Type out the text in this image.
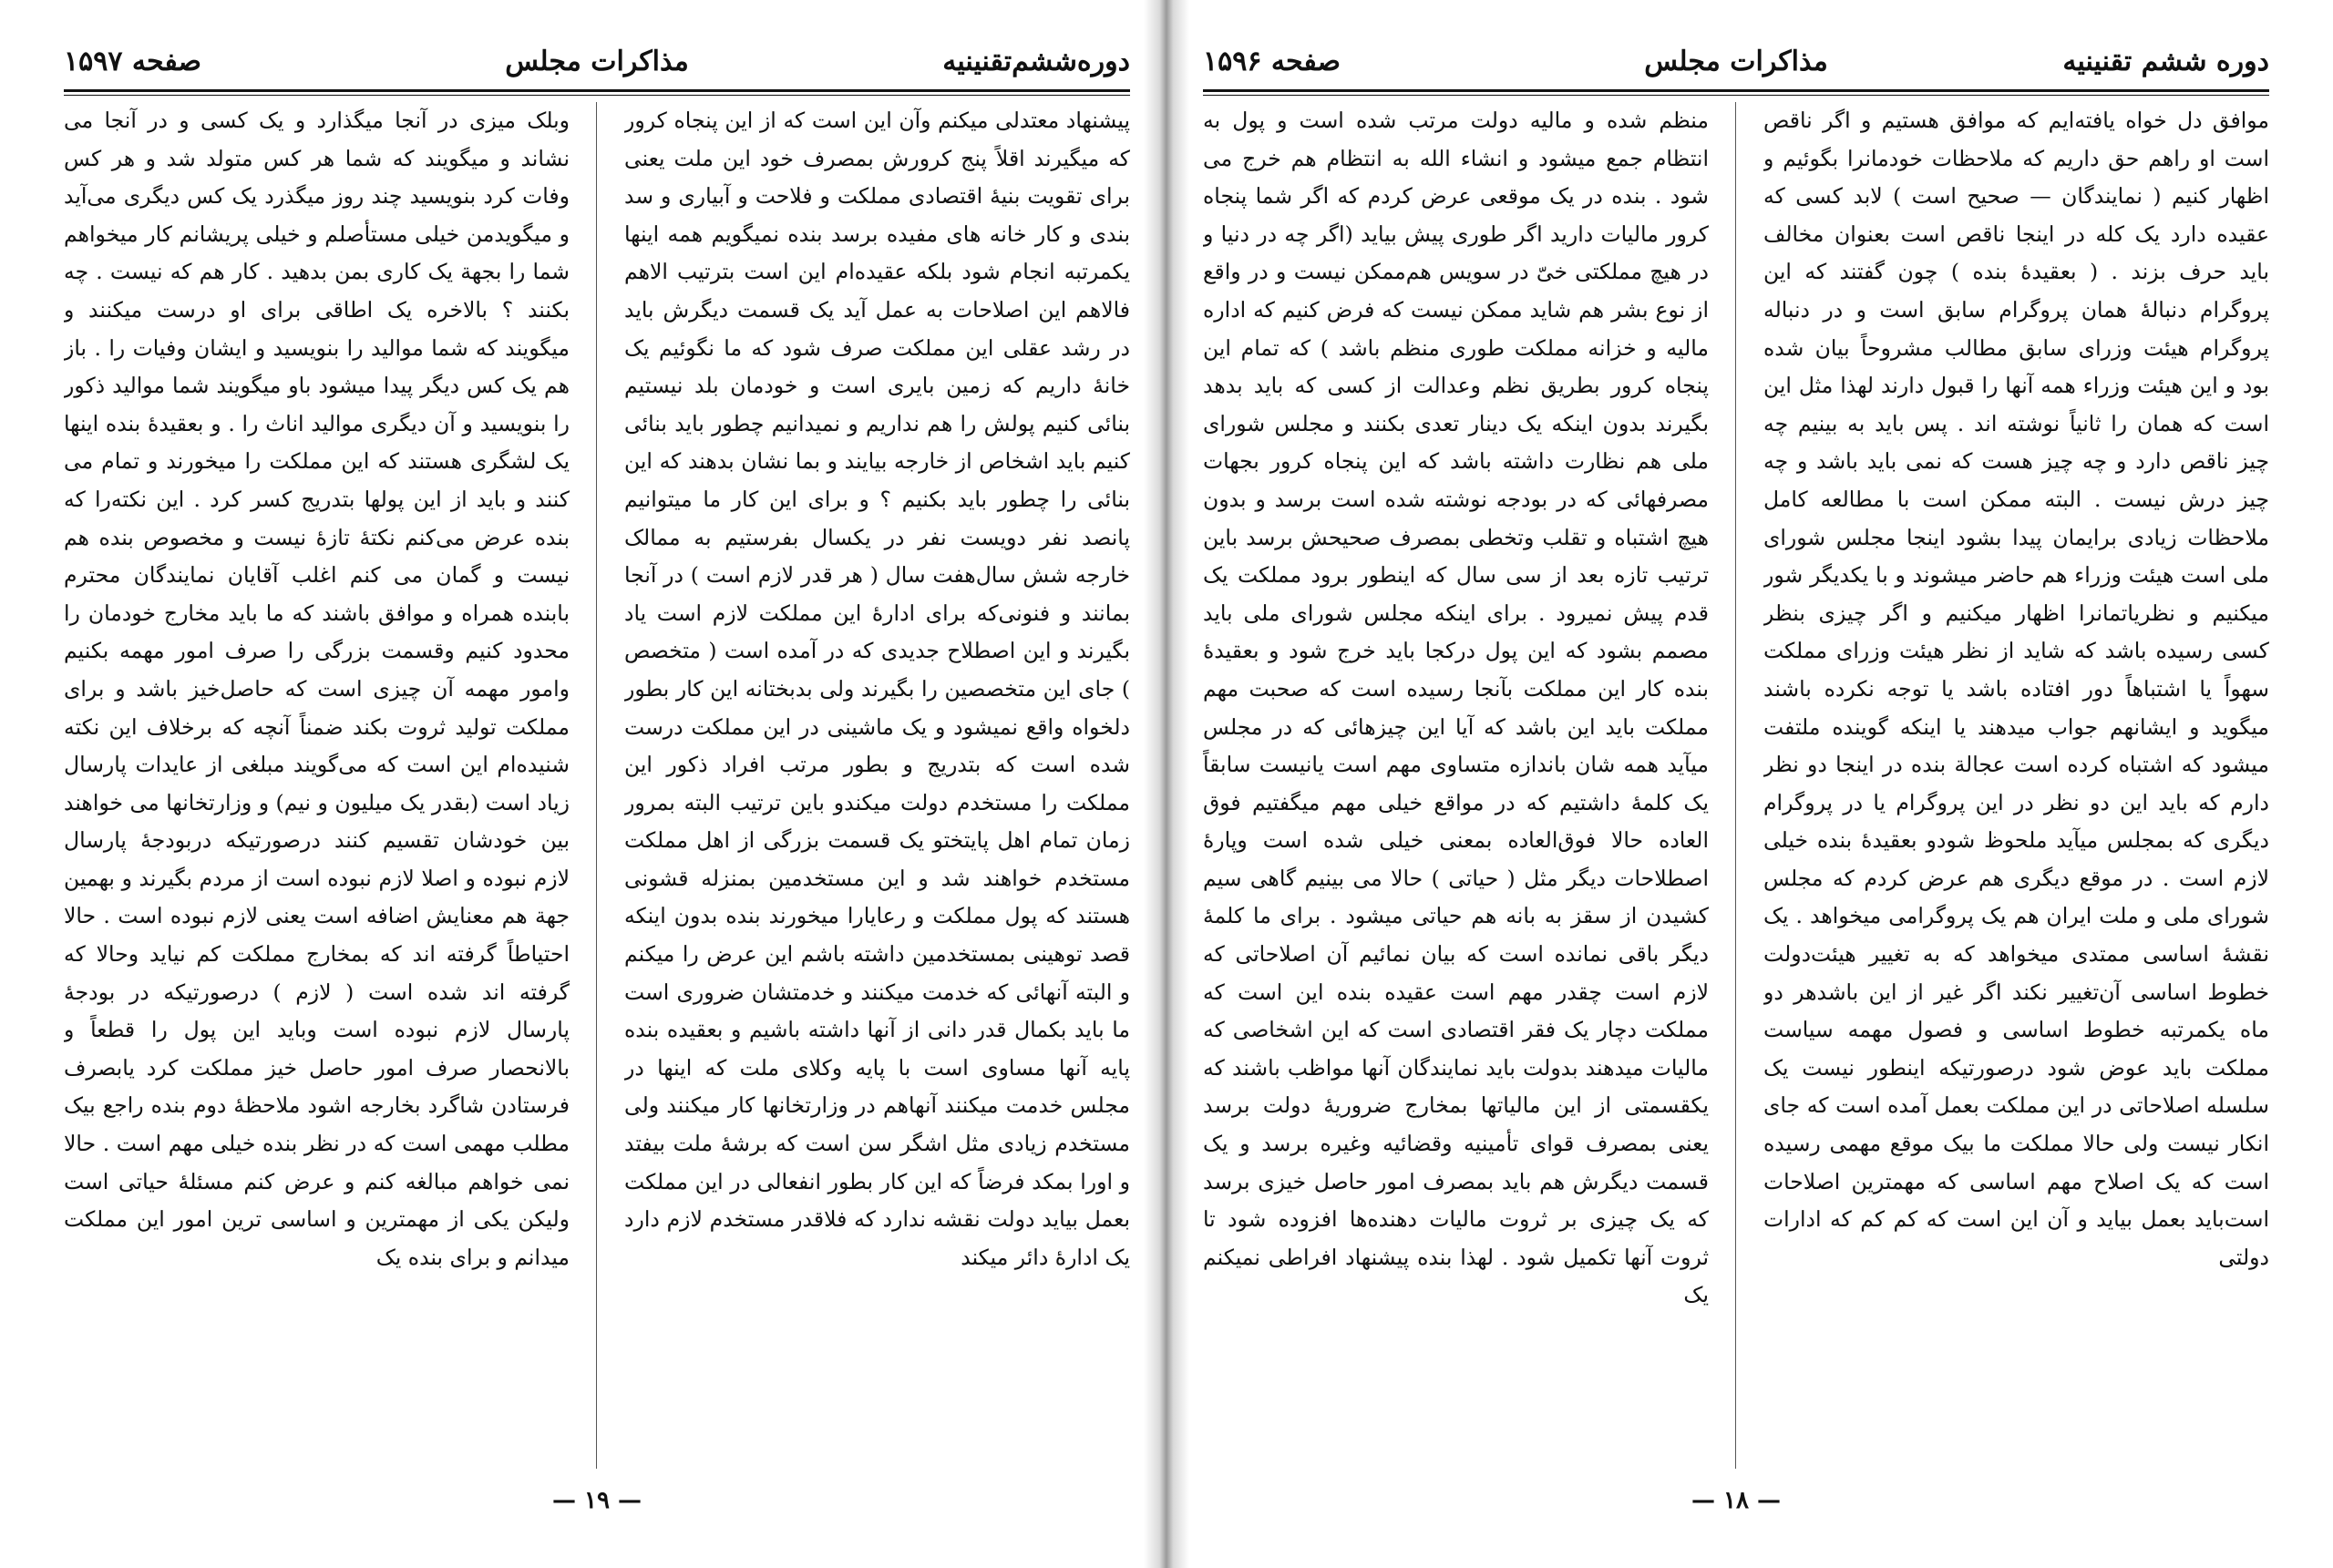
دوره‌ششم‌تقنینیه
مذاکرات مجلس
صفحه ۱۵۹۷

پیشنهاد معتدلی میکنم وآن این است که از این پنجاه کرور که میگیرند اقلاً پنج کرورش بمصرف خود این ملت یعنی برای تقویت بنیهٔ اقتصادی مملکت و فلاحت و آبیاری و سد بندی و کار خانه های مفیده برسد بنده نمیگویم همه اینها یکمرتبه انجام شود بلکه عقیده‌ام این است بترتیب الاهم فالاهم این اصلاحات به عمل آید یک قسمت دیگرش باید در رشد عقلی این مملکت صرف شود که ما نگوئیم یک خانهٔ داریم که زمین بایری است و خودمان بلد نیستیم بنائی کنیم پولش را هم نداریم و نمیدانیم چطور باید بنائی کنیم باید اشخاص از خارجه بیایند و بما نشان بدهند که این بنائی را چطور باید بکنیم ؟ و برای این کار ما میتوانیم پانصد نفر دویست نفر در یکسال بفرستیم به ممالک خارجه شش سال‌هفت سال ( هر قدر لازم است ) در آنجا بمانند و فنونی‌که برای ادارهٔ این مملکت لازم است یاد بگیرند و این اصطلاح جدیدی که در آمده است ( متخصص ) جای این متخصصین را بگیرند ولی بدبختانه این کار بطور دلخواه واقع نمیشود و یک ماشینی در این مملکت درست شده است که بتدریج و بطور مرتب افراد ذکور این مملکت را مستخدم دولت میکندو باین ترتیب البته بمرور زمان تمام اهل پایتختو یک قسمت بزرگی از اهل مملکت مستخدم خواهند شد و این مستخدمین بمنزله قشونی هستند که پول مملکت و رعایارا میخورند بنده بدون اینکه قصد توهینی بمستخدمین داشته باشم این عرض را میکنم و البته آنهائی که خدمت میکنند و خدمتشان ضروری است ما باید بکمال قدر دانی از آنها داشته باشیم و بعقیده بنده پایه آنها مساوی است با پایه وکلای ملت که اینها در مجلس خدمت میکنند آنهاهم در وزارتخانها کار میکنند ولی مستخدم زیادی مثل اشگر سن است که برشهٔ ملت بیفتد و اورا بمکد فرضاً که این کار بطور انفعالی در این مملکت بعمل بیاید دولت نقشه ندارد که فلاقدر مستخدم لازم دارد یک ادارهٔ دائر میکند

وبلک میزی در آنجا میگذارد و یک کسی و در آنجا می نشاند و میگویند که شما هر کس متولد شد و هر کس وفات کرد بنویسید چند روز میگذرد یک کس دیگری می‌آید و میگویدمن خیلی مستأصلم و خیلی پریشانم کار میخواهم شما را بجهة یک کاری بمن بدهید . کار هم که نیست . چه بکنند ؟ بالاخره یک اطاقی برای او درست میکنند و میگویند که شما موالید را بنویسید و ایشان وفیات را . باز هم یک کس دیگر پیدا میشود باو میگویند شما موالید ذکور را بنویسید و آن دیگری موالید اناث را . و بعقیدهٔ بنده اینها یک لشگری هستند که این مملکت را میخورند و تمام می کنند و باید از این پولها بتدریج کسر کرد . این نکته‌را که بنده عرض می‌کنم نکتهٔ تازهٔ نیست و مخصوص بنده هم نیست و گمان می کنم اغلب آقایان نمایندگان محترم بابنده همراه و موافق باشند که ما باید مخارج خودمان را محدود کنیم وقسمت بزرگی را صرف امور مهمه بکنیم وامور مهمه آن چیزی است که حاصل‌خیز باشد و برای مملکت تولید ثروت بکند ضمناً آنچه که برخلاف این نکته شنیده‌ام این است که می‌گویند مبلغی از عایدات پارسال زیاد است (بقدر یک میلیون و نیم) و وزارتخانها می خواهند بین خودشان تقسیم کنند درصورتیکه دربودجهٔ پارسال لازم نبوده و اصلا لازم نبوده است از مردم بگیرند و بهمین جهة هم معنایش اضافه است یعنی لازم نبوده است . حالا احتیاطاً گرفته اند که بمخارج مملکت کم نیاید وحالا که گرفته اند شده است ( لازم ) درصورتیکه در بودجهٔ پارسال لازم نبوده است وباید این پول را قطعاً و بالانحصار صرف امور حاصل خیز مملکت کرد یابصرف فرستادن شاگرد بخارجه اشود ملاحظهٔ دوم بنده راجع بیک مطلب مهمی است که در نظر بنده خیلی مهم است . حالا نمی خواهم مبالغه کنم و عرض کنم مسئلهٔ حیاتی است ولیکن یکی از مهمترین و اساسی ترین امور این مملکت میدانم و برای بنده یک

— ۱۹ —
دوره ششم تقنینیه
مذاکرات مجلس
صفحه ۱۵۹۶

موافق دل خواه یافته‌ایم که موافق هستیم و اگر ناقص است او راهم حق داریم که ملاحظات خودمانرا بگوئیم و اظهار کنیم ( نمایندگان — صحیح است ) لابد کسی که عقیده دارد یک کله در اینجا ناقص است بعنوان مخالف باید حرف بزند . ( بعقیدهٔ بنده ) چون گفتند که این پروگرام دنبالهٔ همان پروگرام سابق است و در دنباله پروگرام هیئت وزرای سابق مطالب مشروحاً بیان شده بود و این هیئت وزراء همه آنها را قبول دارند لهذا مثل این است که همان را ثانیاً نوشته اند . پس باید به بینیم چه چیز ناقص دارد و چه چیز هست که نمی باید باشد و چه چیز درش نیست . البته ممکن است با مطالعه کامل ملاحظات زیادی برایمان پیدا بشود اینجا مجلس شورای ملی است هیئت وزراء هم حاضر میشوند و با یکدیگر شور میکنیم و نظریاتمانرا اظهار میکنیم و اگر چیزی بنظر کسی رسیده باشد که شاید از نظر هیئت وزرای مملکت سهواً یا اشتباهاً دور افتاده باشد یا توجه نکرده باشند میگوید و ایشانهم جواب میدهند یا اینکه گوینده ملتفت میشود که اشتباه کرده است عجالة بنده در اینجا دو نظر دارم که باید این دو نظر در این پروگرام یا در پروگرام دیگری که بمجلس میآید ملحوظ شودو بعقیدهٔ بنده خیلی لازم است . در موقع دیگری هم عرض کردم که مجلس شورای ملی و ملت ایران هم یک پروگرامی میخواهد . یک نقشهٔ اساسی ممتدی میخواهد که به تغییر هیئت‌دولت خطوط اساسی آن‌تغییر نکند اگر غیر از این باشدهر دو ماه یکمرتبه خطوط اساسی و فصول مهمه سیاست مملکت باید عوض شود درصورتیکه اینطور نیست یک سلسله اصلاحاتی در این مملکت بعمل آمده است که جای انکار نیست ولی حالا مملکت ما بیک موقع مهمی رسیده است که یک اصلاح مهم اساسی که مهمترین اصلاحات است‌باید بعمل بیاید و آن این است که کم کم که ادارات دولتی

منظم شده و مالیه دولت مرتب شده است و پول به انتظام جمع میشود و انشاء الله به انتظام هم خرج می شود . بنده در یک موقعی عرض کردم که اگر شما پنجاه کرور مالیات دارید اگر طوری پیش بیاید (اگر چه در دنیا و در هیچ مملکتی خیّ در سویس هم‌ممکن نیست و در واقع از نوع بشر هم شاید ممکن نیست که فرض کنیم که اداره مالیه و خزانه مملکت طوری منظم باشد ) که تمام این پنجاه کرور بطریق نظم وعدالت از کسی که باید بدهد بگیرند بدون اینکه یک دینار تعدی بکنند و مجلس شورای ملی هم نظارت داشته باشد که این پنجاه کرور بجهات مصرفهائی که در بودجه نوشته شده است برسد و بدون هیچ اشتباه و تقلب وتخطی بمصرف صحیحش برسد باین ترتیب تازه بعد از سی سال که اینطور برود مملکت یک قدم پیش نمیرود . برای اینکه مجلس شورای ملی باید مصمم بشود که این پول درکجا باید خرج شود و بعقیدهٔ بنده کار این مملکت بآنجا رسیده است که صحبت مهم مملکت باید این باشد که آیا این چیزهائی که در مجلس میآید همه شان باندازه متساوی مهم است یانیست سابقاً یک کلمهٔ داشتیم که در مواقع خیلی مهم میگفتیم فوق العاده حالا فوق‌العاده بمعنی خیلی شده است وپارهٔ اصطلاحات دیگر مثل ( حیاتی ) حالا می بینیم گاهی سیم کشیدن از سقز به بانه هم حیاتی میشود . برای ما کلمهٔ دیگر باقی نمانده است که بیان نمائیم آن اصلاحاتی که لازم است چقدر مهم است عقیده بنده این است که مملکت دچار یک فقر اقتصادی است که این اشخاصی که مالیات میدهند بدولت باید نمایندگان آنها مواظب باشند که یکقسمتی از این مالیاتها بمخارج ضروریهٔ دولت برسد یعنی بمصرف قوای تأمینیه وقضائیه وغیره برسد و یک قسمت دیگرش هم باید بمصرف امور حاصل خیزی برسد که یک چیزی بر ثروت مالیات دهنده‌ها افزوده شود تا ثروت آنها تکمیل شود . لهذا بنده پیشنهاد افراطی نمیکنم یک

— ۱۸ —
